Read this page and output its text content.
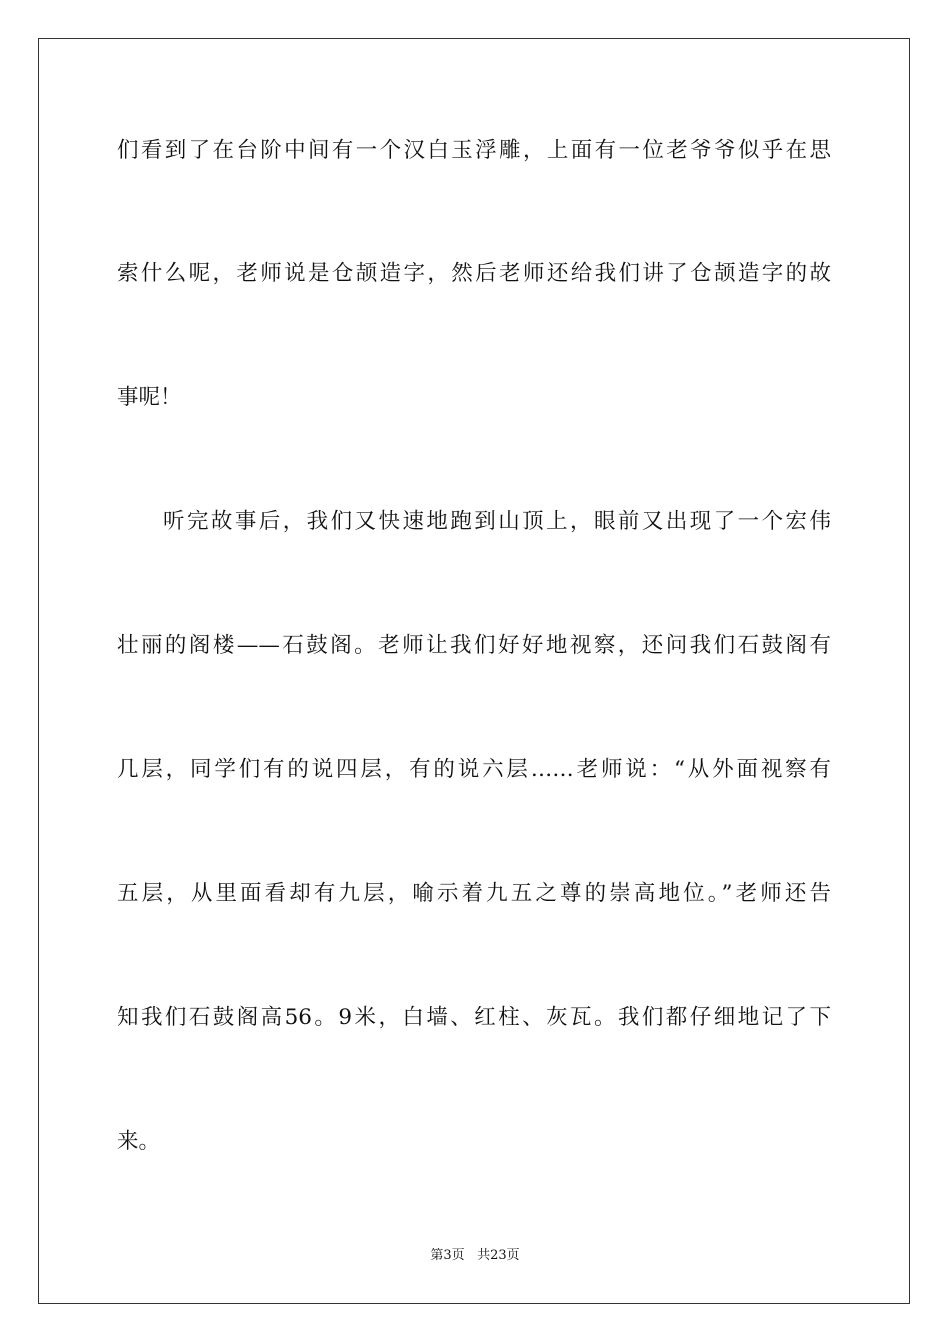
们看到了在台阶中间有一个汉白玉浮雕，上面有一位老爷爷似乎在思
索什么呢，老师说是仓颉造字，然后老师还给我们讲了仓颉造字的故
事呢！
听完故事后，我们又快速地跑到山顶上，眼前又出现了一个宏伟
壮丽的阁楼——石鼓阁。老师让我们好好地视察，还问我们石鼓阁有
几层，同学们有的说四层，有的说六层……老师说：“从外面视察有
五层，从里面看却有九层，喻示着九五之尊的崇高地位。”老师还告
知我们石鼓阁高56。9米，白墙、红柱、灰瓦。我们都仔细地记了下
来。
第3页 共23页
